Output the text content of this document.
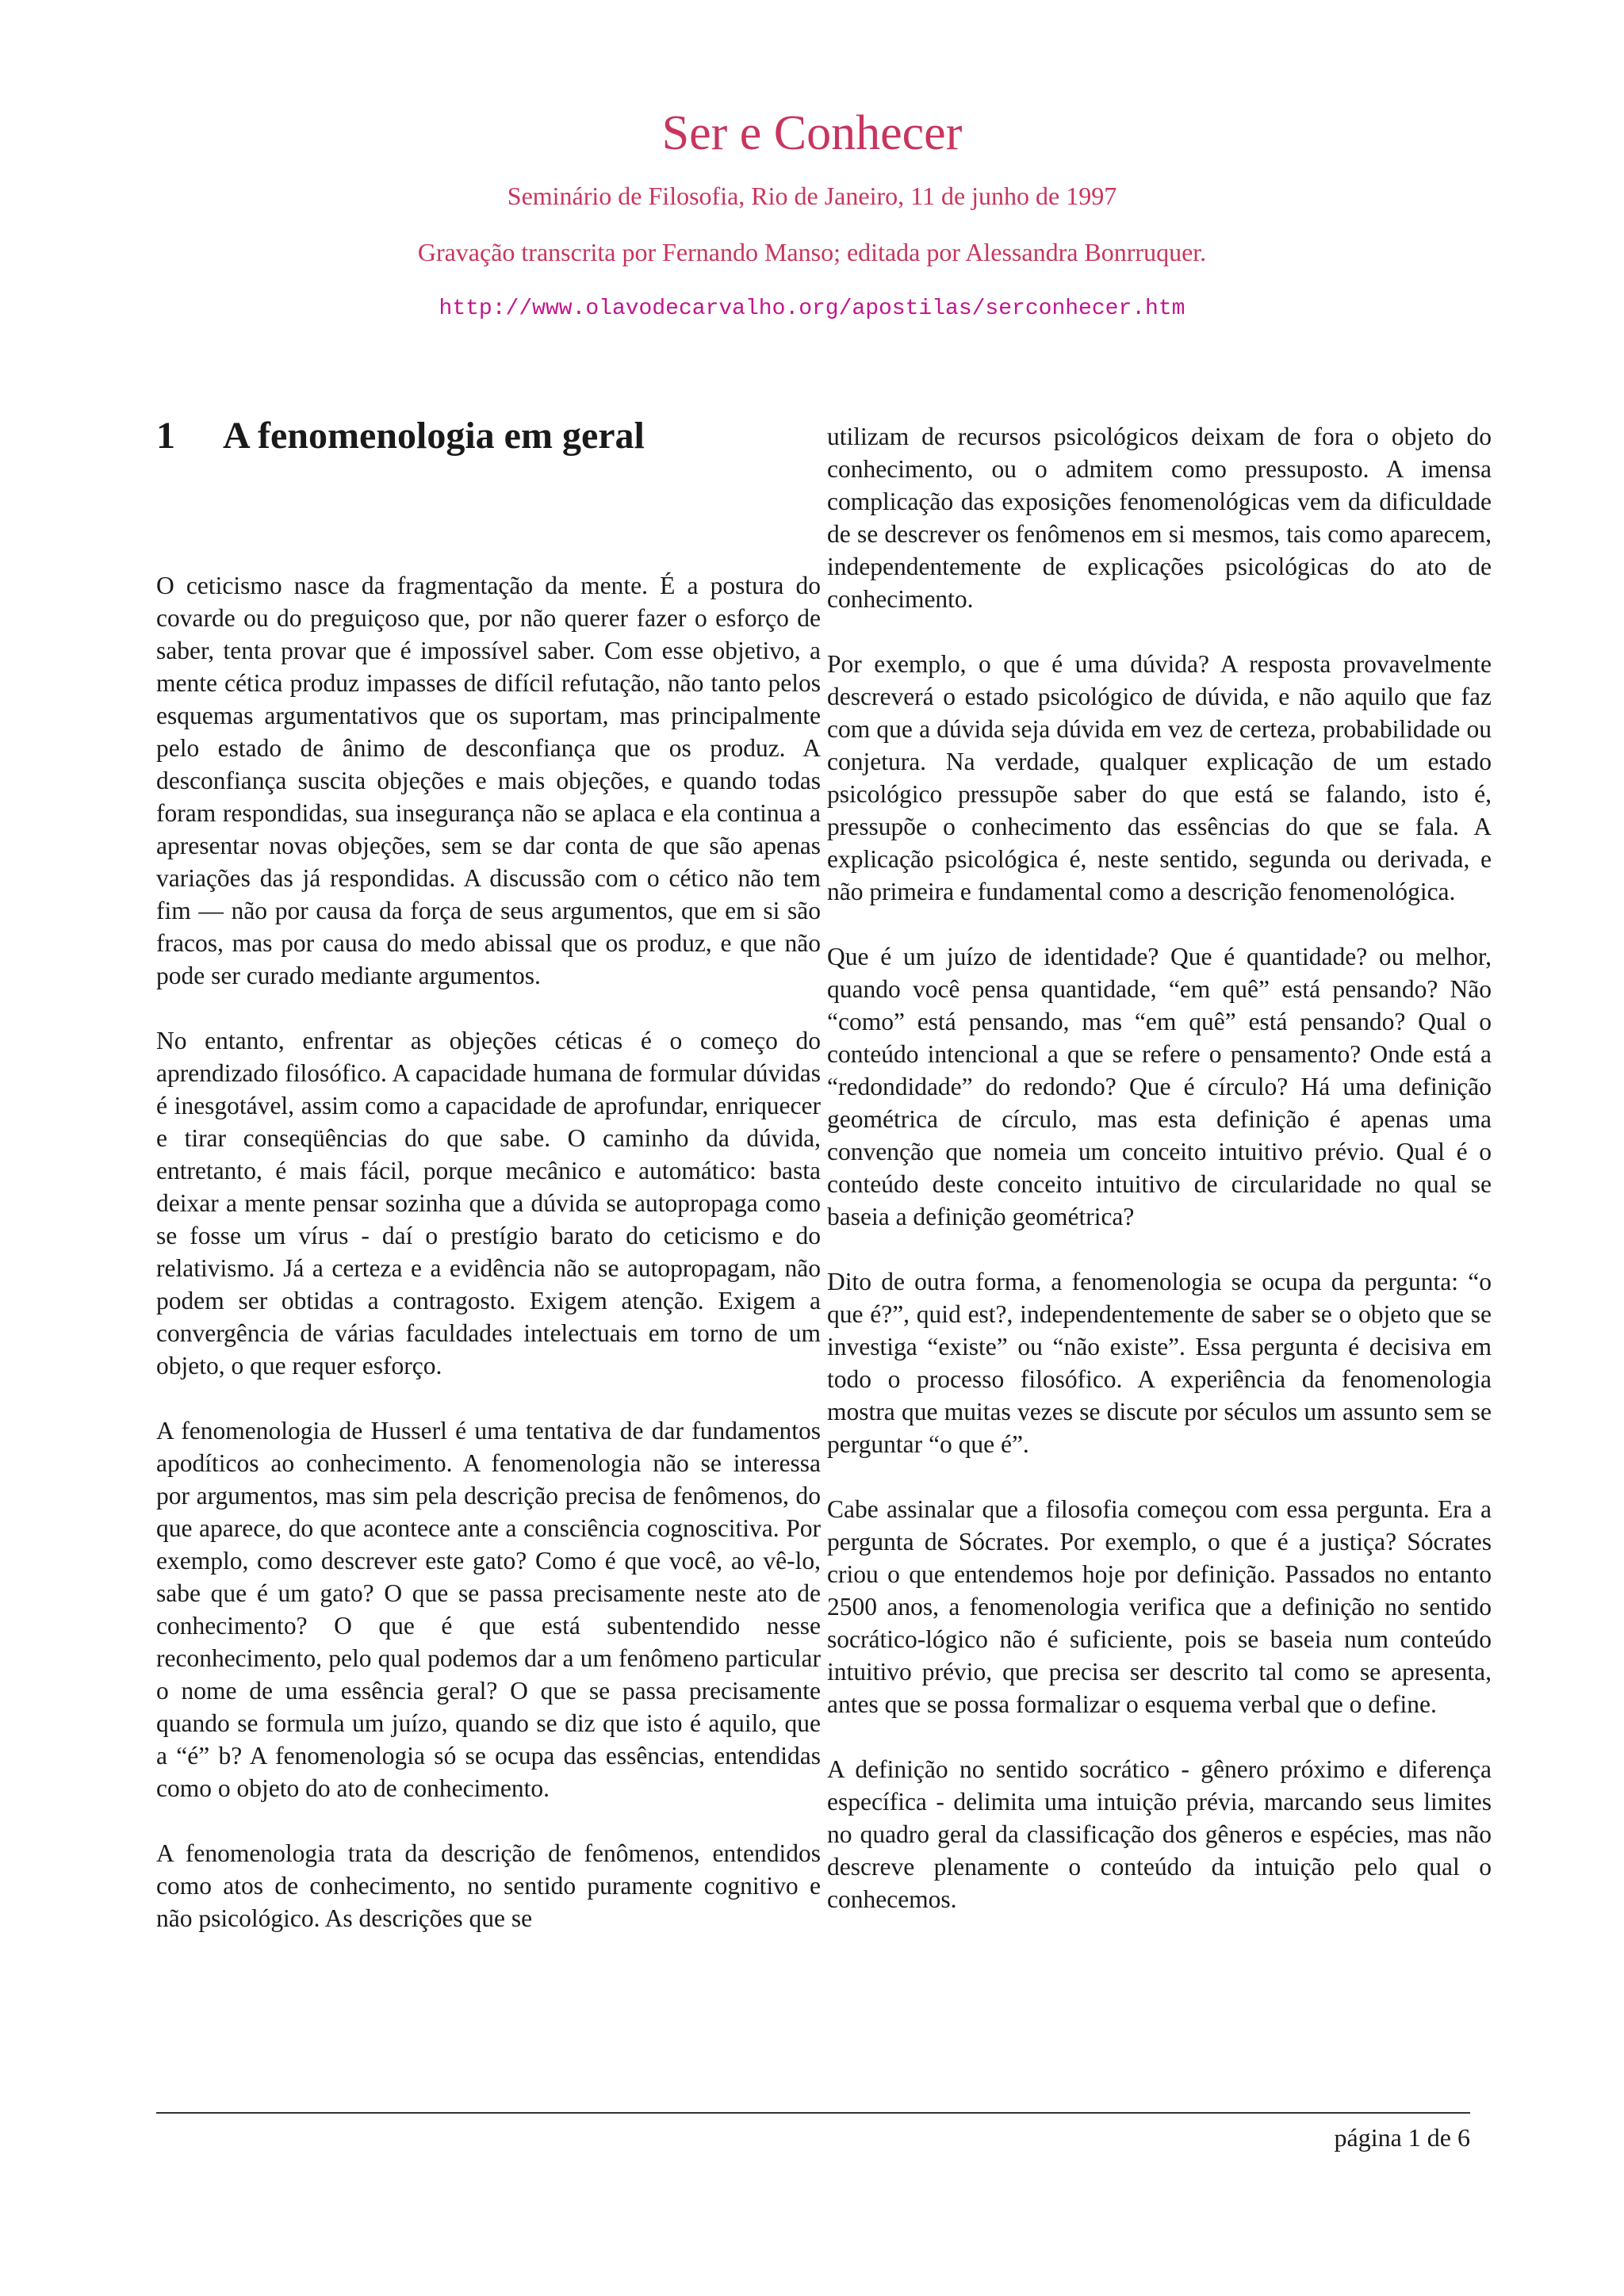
Ser e Conhecer
Seminário de Filosofia, Rio de Janeiro, 11 de junho de 1997
Gravação transcrita por Fernando Manso; editada por Alessandra Bonrruquer.
http://www.olavodecarvalho.org/apostilas/serconhecer.htm
1	A fenomenologia em geral

O ceticismo nasce da fragmentação da mente. É a postura do covarde ou do preguiçoso que, por não querer fazer o esforço de saber, tenta provar que é impossível saber. Com esse objetivo, a mente cética produz impasses de difícil refutação, não tanto pelos esquemas argumentativos que os suportam, mas principalmente pelo estado de ânimo de desconfiança que os produz. A desconfiança suscita objeções e mais objeções, e quando todas foram respondidas, sua insegurança não se aplaca e ela continua a apresentar novas objeções, sem se dar conta de que são apenas variações das já respondidas. A discussão com o cético não tem fim — não por causa da força de seus argumentos, que em si são fracos, mas por causa do medo abissal que os produz, e que não pode ser curado mediante argumentos.

No entanto, enfrentar as objeções céticas é o começo do aprendizado filosófico. A capacidade humana de formular dúvidas é inesgotável, assim como a capacidade de aprofundar, enriquecer e tirar conseqüências do que sabe. O caminho da dúvida, entretanto, é mais fácil, porque mecânico e automático: basta deixar a mente pensar sozinha que a dúvida se autopropaga como se fosse um vírus - daí o prestígio barato do ceticismo e do relativismo. Já a certeza e a evidência não se autopropagam, não podem ser obtidas a contragosto. Exigem atenção. Exigem a convergência de várias faculdades intelectuais em torno de um objeto, o que requer esforço.

A fenomenologia de Husserl é uma tentativa de dar fundamentos apodíticos ao conhecimento. A fenomenologia não se interessa por argumentos, mas sim pela descrição precisa de fenômenos, do que aparece, do que acontece ante a consciência cognoscitiva. Por exemplo, como descrever este gato? Como é que você, ao vê-lo, sabe que é um gato? O que se passa precisamente neste ato de conhecimento? O que é que está subentendido nesse reconhecimento, pelo qual podemos dar a um fenômeno particular o nome de uma essência geral? O que se passa precisamente quando se formula um juízo, quando se diz que isto é aquilo, que a “é” b? A fenomenologia só se ocupa das essências, entendidas como o objeto do ato de conhecimento.

A fenomenologia trata da descrição de fenômenos, entendidos como atos de conhecimento, no sentido puramente cognitivo e não psicológico. As descrições que se

utilizam de recursos psicológicos deixam de fora o objeto do conhecimento, ou o admitem como pressuposto. A imensa complicação das exposições fenomenológicas vem da dificuldade de se descrever os fenômenos em si mesmos, tais como aparecem, independentemente de explicações psicológicas do ato de conhecimento.

Por exemplo, o que é uma dúvida? A resposta provavelmente descreverá o estado psicológico de dúvida, e não aquilo que faz com que a dúvida seja dúvida em vez de certeza, probabilidade ou conjetura. Na verdade, qualquer explicação de um estado psicológico pressupõe saber do que está se falando, isto é, pressupõe o conhecimento das essências do que se fala. A explicação psicológica é, neste sentido, segunda ou derivada, e não primeira e fundamental como a descrição fenomenológica.

Que é um juízo de identidade? Que é quantidade? ou melhor, quando você pensa quantidade, “em quê” está pensando? Não “como” está pensando, mas “em quê” está pensando? Qual o conteúdo intencional a que se refere o pensamento? Onde está a “redondidade” do redondo? Que é círculo? Há uma definição geométrica de círculo, mas esta definição é apenas uma convenção que nomeia um conceito intuitivo prévio. Qual é o conteúdo deste conceito intuitivo de circularidade no qual se baseia a definição geométrica?

Dito de outra forma, a fenomenologia se ocupa da pergunta: “o que é?”, quid est?, independentemente de saber se o objeto que se investiga “existe” ou “não existe”. Essa pergunta é decisiva em todo o processo filosófico. A experiência da fenomenologia mostra que muitas vezes se discute por séculos um assunto sem se perguntar “o que é”.

Cabe assinalar que a filosofia começou com essa pergunta. Era a pergunta de Sócrates. Por exemplo, o que é a justiça? Sócrates criou o que entendemos hoje por definição. Passados no entanto 2500 anos, a fenomenologia verifica que a definição no sentido socrático-lógico não é suficiente, pois se baseia num conteúdo intuitivo prévio, que precisa ser descrito tal como se apresenta, antes que se possa formalizar o esquema verbal que o define.

A definição no sentido socrático - gênero próximo e diferença específica - delimita uma intuição prévia, marcando seus limites no quadro geral da classificação dos gêneros e espécies, mas não descreve plenamente o conteúdo da intuição pelo qual o conhecemos.

página 1 de 6
